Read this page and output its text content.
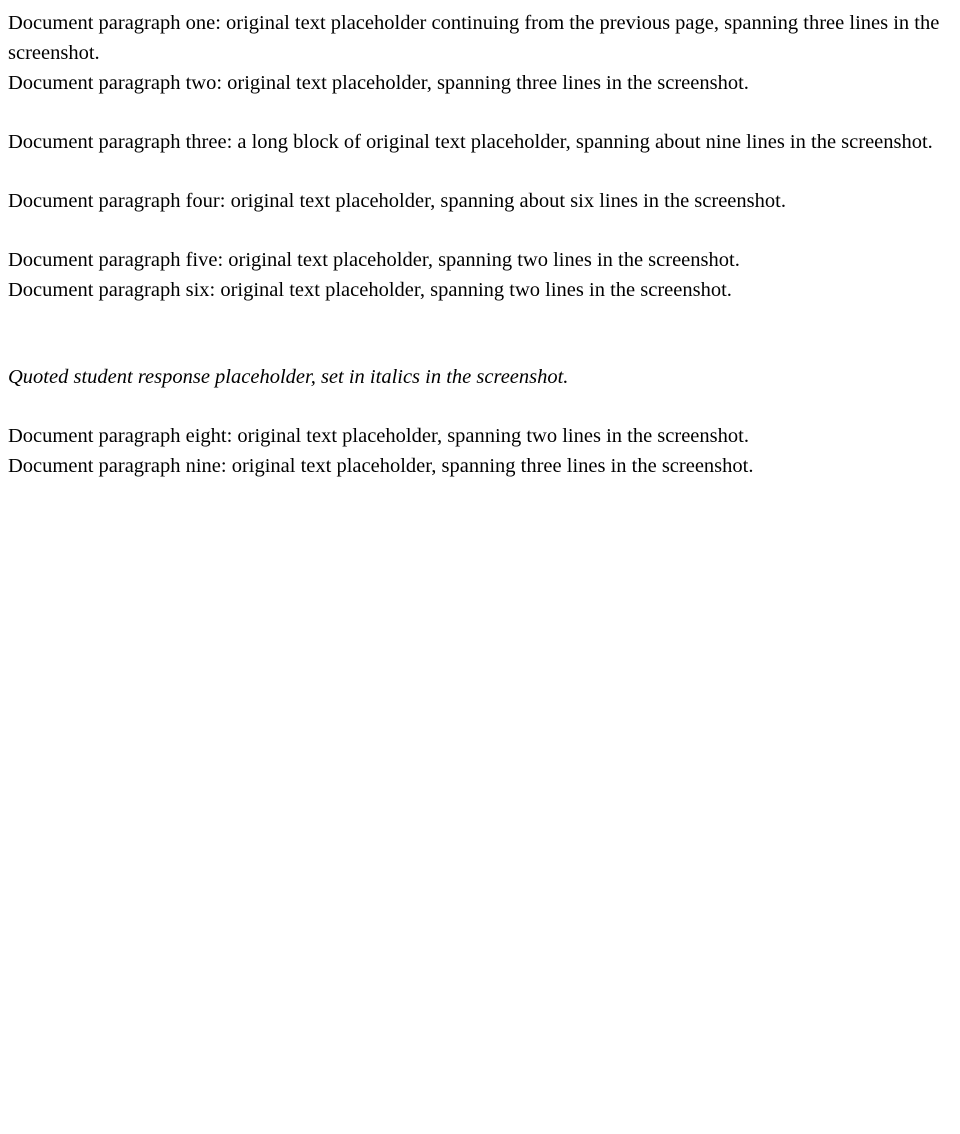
Document paragraph one: original text placeholder continuing from the previous page, spanning three lines in the screenshot.

Document paragraph two: original text placeholder, spanning three lines in the screenshot.

Document paragraph three: a long block of original text placeholder, spanning about nine lines in the screenshot.

Document paragraph four: original text placeholder, spanning about six lines in the screenshot.

Document paragraph five: original text placeholder, spanning two lines in the screenshot.

Document paragraph six: original text placeholder, spanning two lines in the screenshot.

Quoted student response placeholder, set in italics in the screenshot.

Document paragraph eight: original text placeholder, spanning two lines in the screenshot.

Document paragraph nine: original text placeholder, spanning three lines in the screenshot.
